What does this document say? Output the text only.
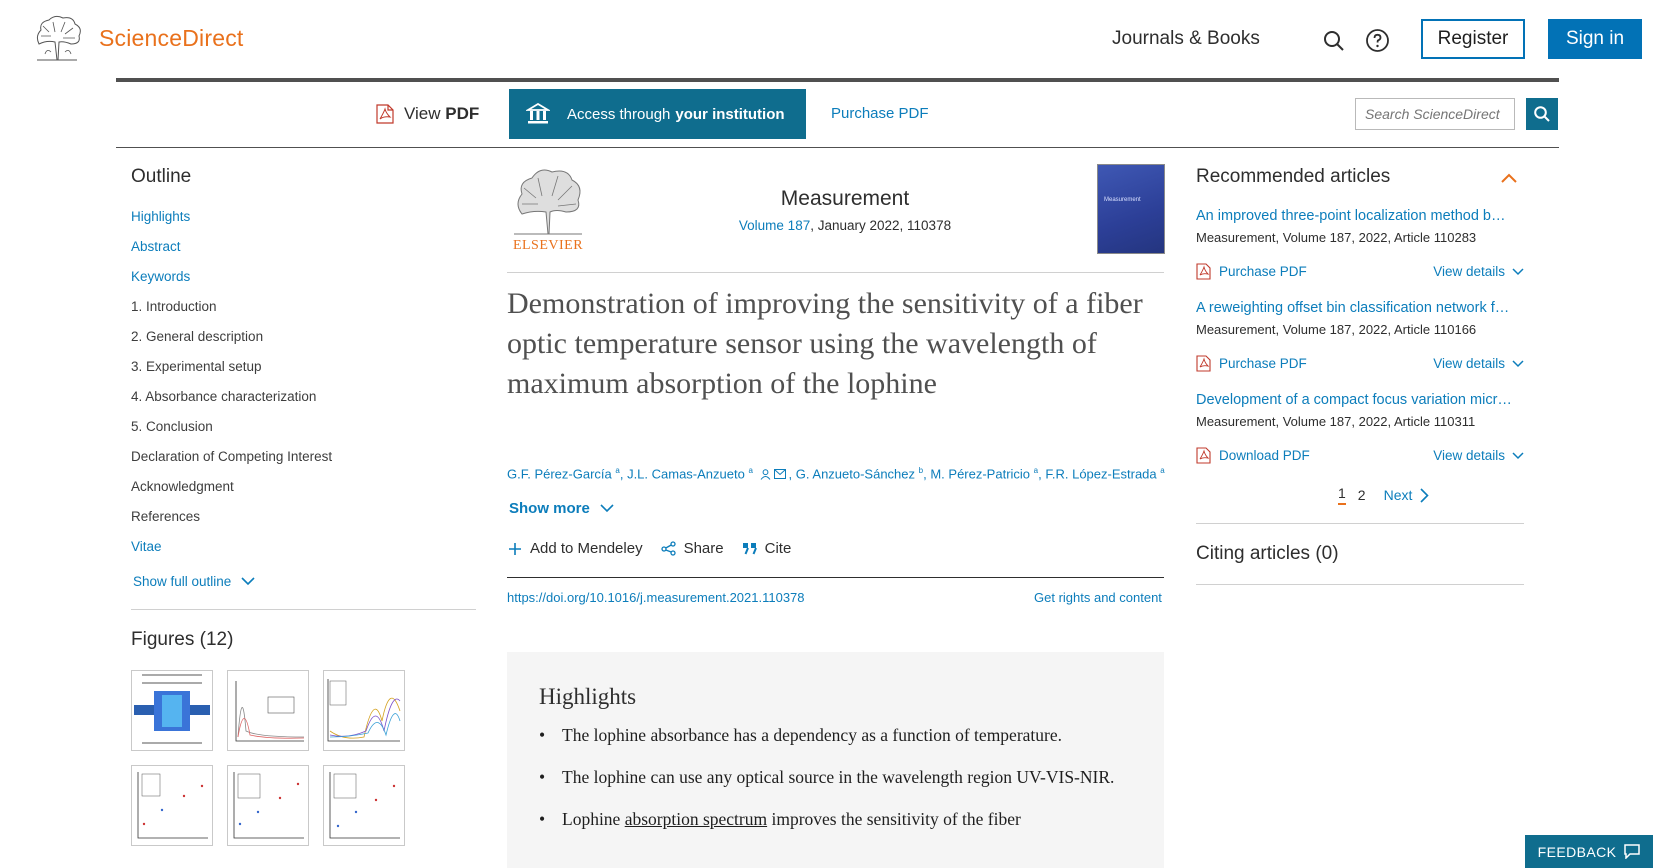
ScienceDirect	Journals & Books	Register	Sign in
View PDF	Access through your institution	Purchase PDF
Search ScienceDirect
Outline
Highlights
Abstract
Keywords
1. Introduction
2. General description
3. Experimental setup
4. Absorbance characterization
5. Conclusion
Declaration of Competing Interest
Acknowledgment
References
Vitae
Show full outline
Figures (12)
ELSEVIER
Measurement
Volume 187, January 2022, 110378
Measurement
Demonstration of improving the sensitivity of a fiber optic temperature sensor using the wavelength of maximum absorption of the lophine
G.F. Pérez-García $^a$, J.L. Camas-Anzueto $^a$	, G. Anzueto-Sánchez $^b$, M. Pérez-Patricio $^a$, F.R. López-Estrada $^a$
Show more
Add to Mendeley	Share	Cite
https://doi.org/10.1016/j.measurement.2021.110378	Get rights and content
Highlights
• The lophine absorbance has a dependency as a function of temperature.
• The lophine can use any optical source in the wavelength region UV-VIS-NIR.
• Lophine absorption spectrum improves the sensitivity of the fiber
Recommended articles
An improved three-point localization method b…
Measurement, Volume 187, 2022, Article 110283
Purchase PDF	View details
A reweighting offset bin classification network f…
Measurement, Volume 187, 2022, Article 110166
Purchase PDF	View details
Development of a compact focus variation micr…
Measurement, Volume 187, 2022, Article 110311
Download PDF	View details
1 2 Next
Citing articles (0)
FEEDBACK
